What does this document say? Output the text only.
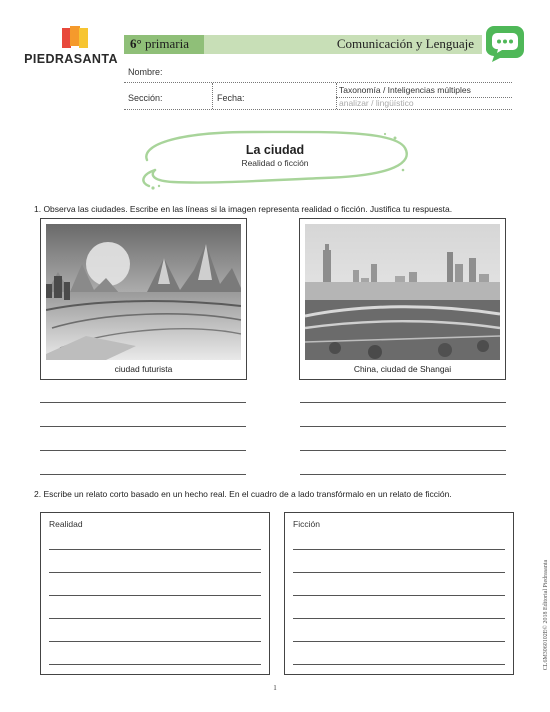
PIEDRASANTA
6° primaria	Comunicación y Lenguaje
Nombre:
Sección:	Fecha:
Taxonomía / Inteligencias múltiples
analizar / lingüístico
La ciudad
Realidad o ficción
1. Observa las ciudades. Escribe en las líneas si la imagen representa realidad o ficción. Justifica tu respuesta.
ciudad futurista	China, ciudad de Shangai
2. Escribe un relato corto basado en un hecho real. En el cuadro de a lado transfórmalo en un relato de ficción.
Realidad	Ficción
CL6M3060102E© 2018 Editorial Piedrasanta
1
